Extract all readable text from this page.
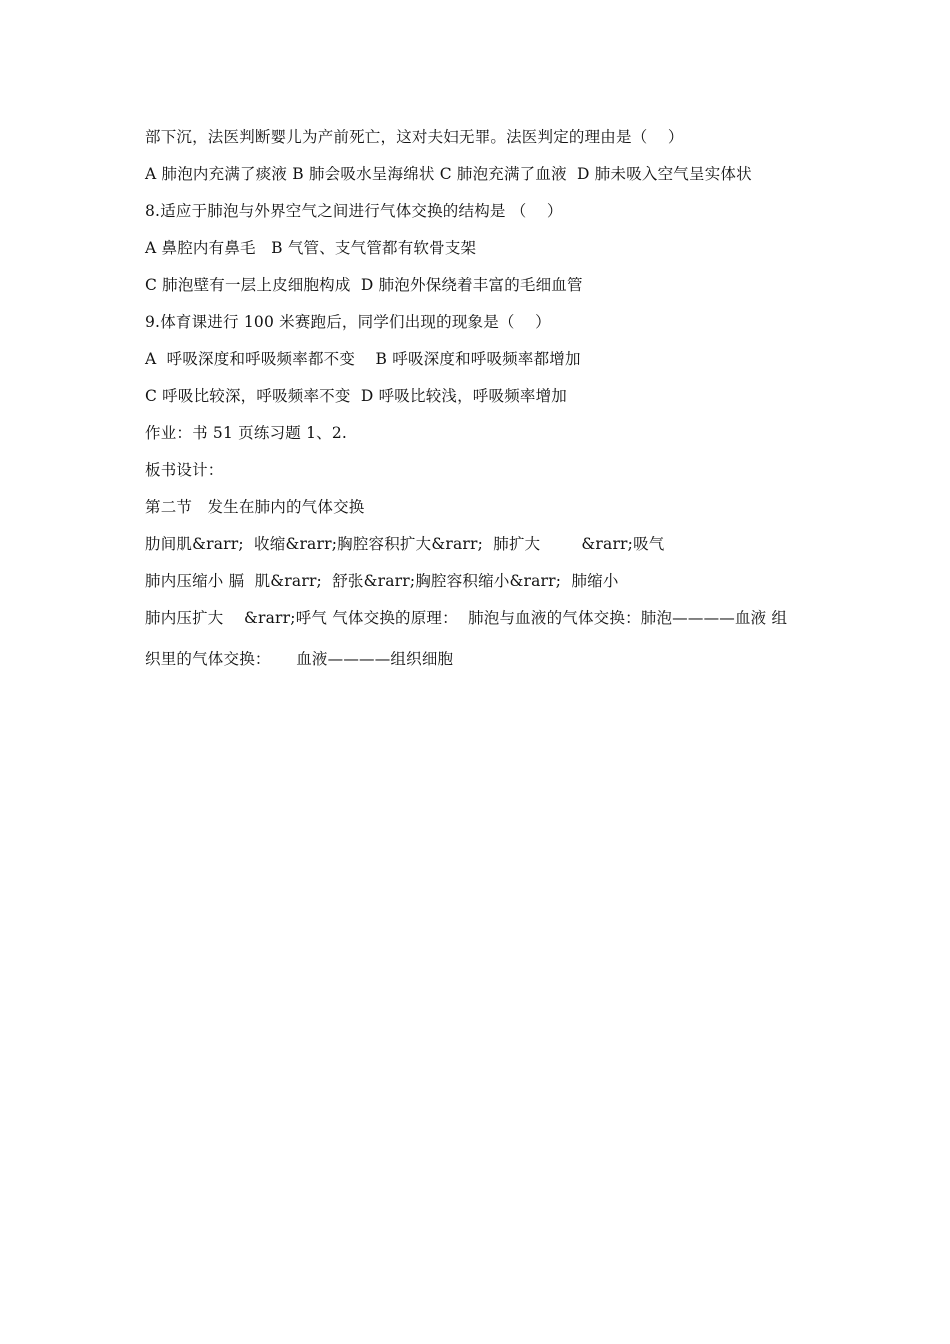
部下沉，法医判断婴儿为产前死亡，这对夫妇无罪。法医判定的理由是（    ）
A 肺泡内充满了痰液 B 肺会吸水呈海绵状 C 肺泡充满了血液  D 肺未吸入空气呈实体状
8.适应于肺泡与外界空气之间进行气体交换的结构是 （    ）
A 鼻腔内有鼻毛   B 气管、支气管都有软骨支架
C 肺泡壁有一层上皮细胞构成  D 肺泡外保绕着丰富的毛细血管
9.体育课进行 100 米赛跑后，同学们出现的现象是（    ）
A  呼吸深度和呼吸频率都不变    B 呼吸深度和呼吸频率都增加
C 呼吸比较深，呼吸频率不变  D 呼吸比较浅，呼吸频率增加
作业：书 51 页练习题 1、2.
板书设计：
第二节   发生在肺内的气体交换
肋间肌&rarr;  收缩&rarr;胸腔容积扩大&rarr;  肺扩大        &rarr;吸气
肺内压缩小 膈  肌&rarr;  舒张&rarr;胸腔容积缩小&rarr;  肺缩小
肺内压扩大    &rarr;呼气 气体交换的原理：  肺泡与血液的气体交换：肺泡————血液 组
织里的气体交换：     血液————组织细胞
